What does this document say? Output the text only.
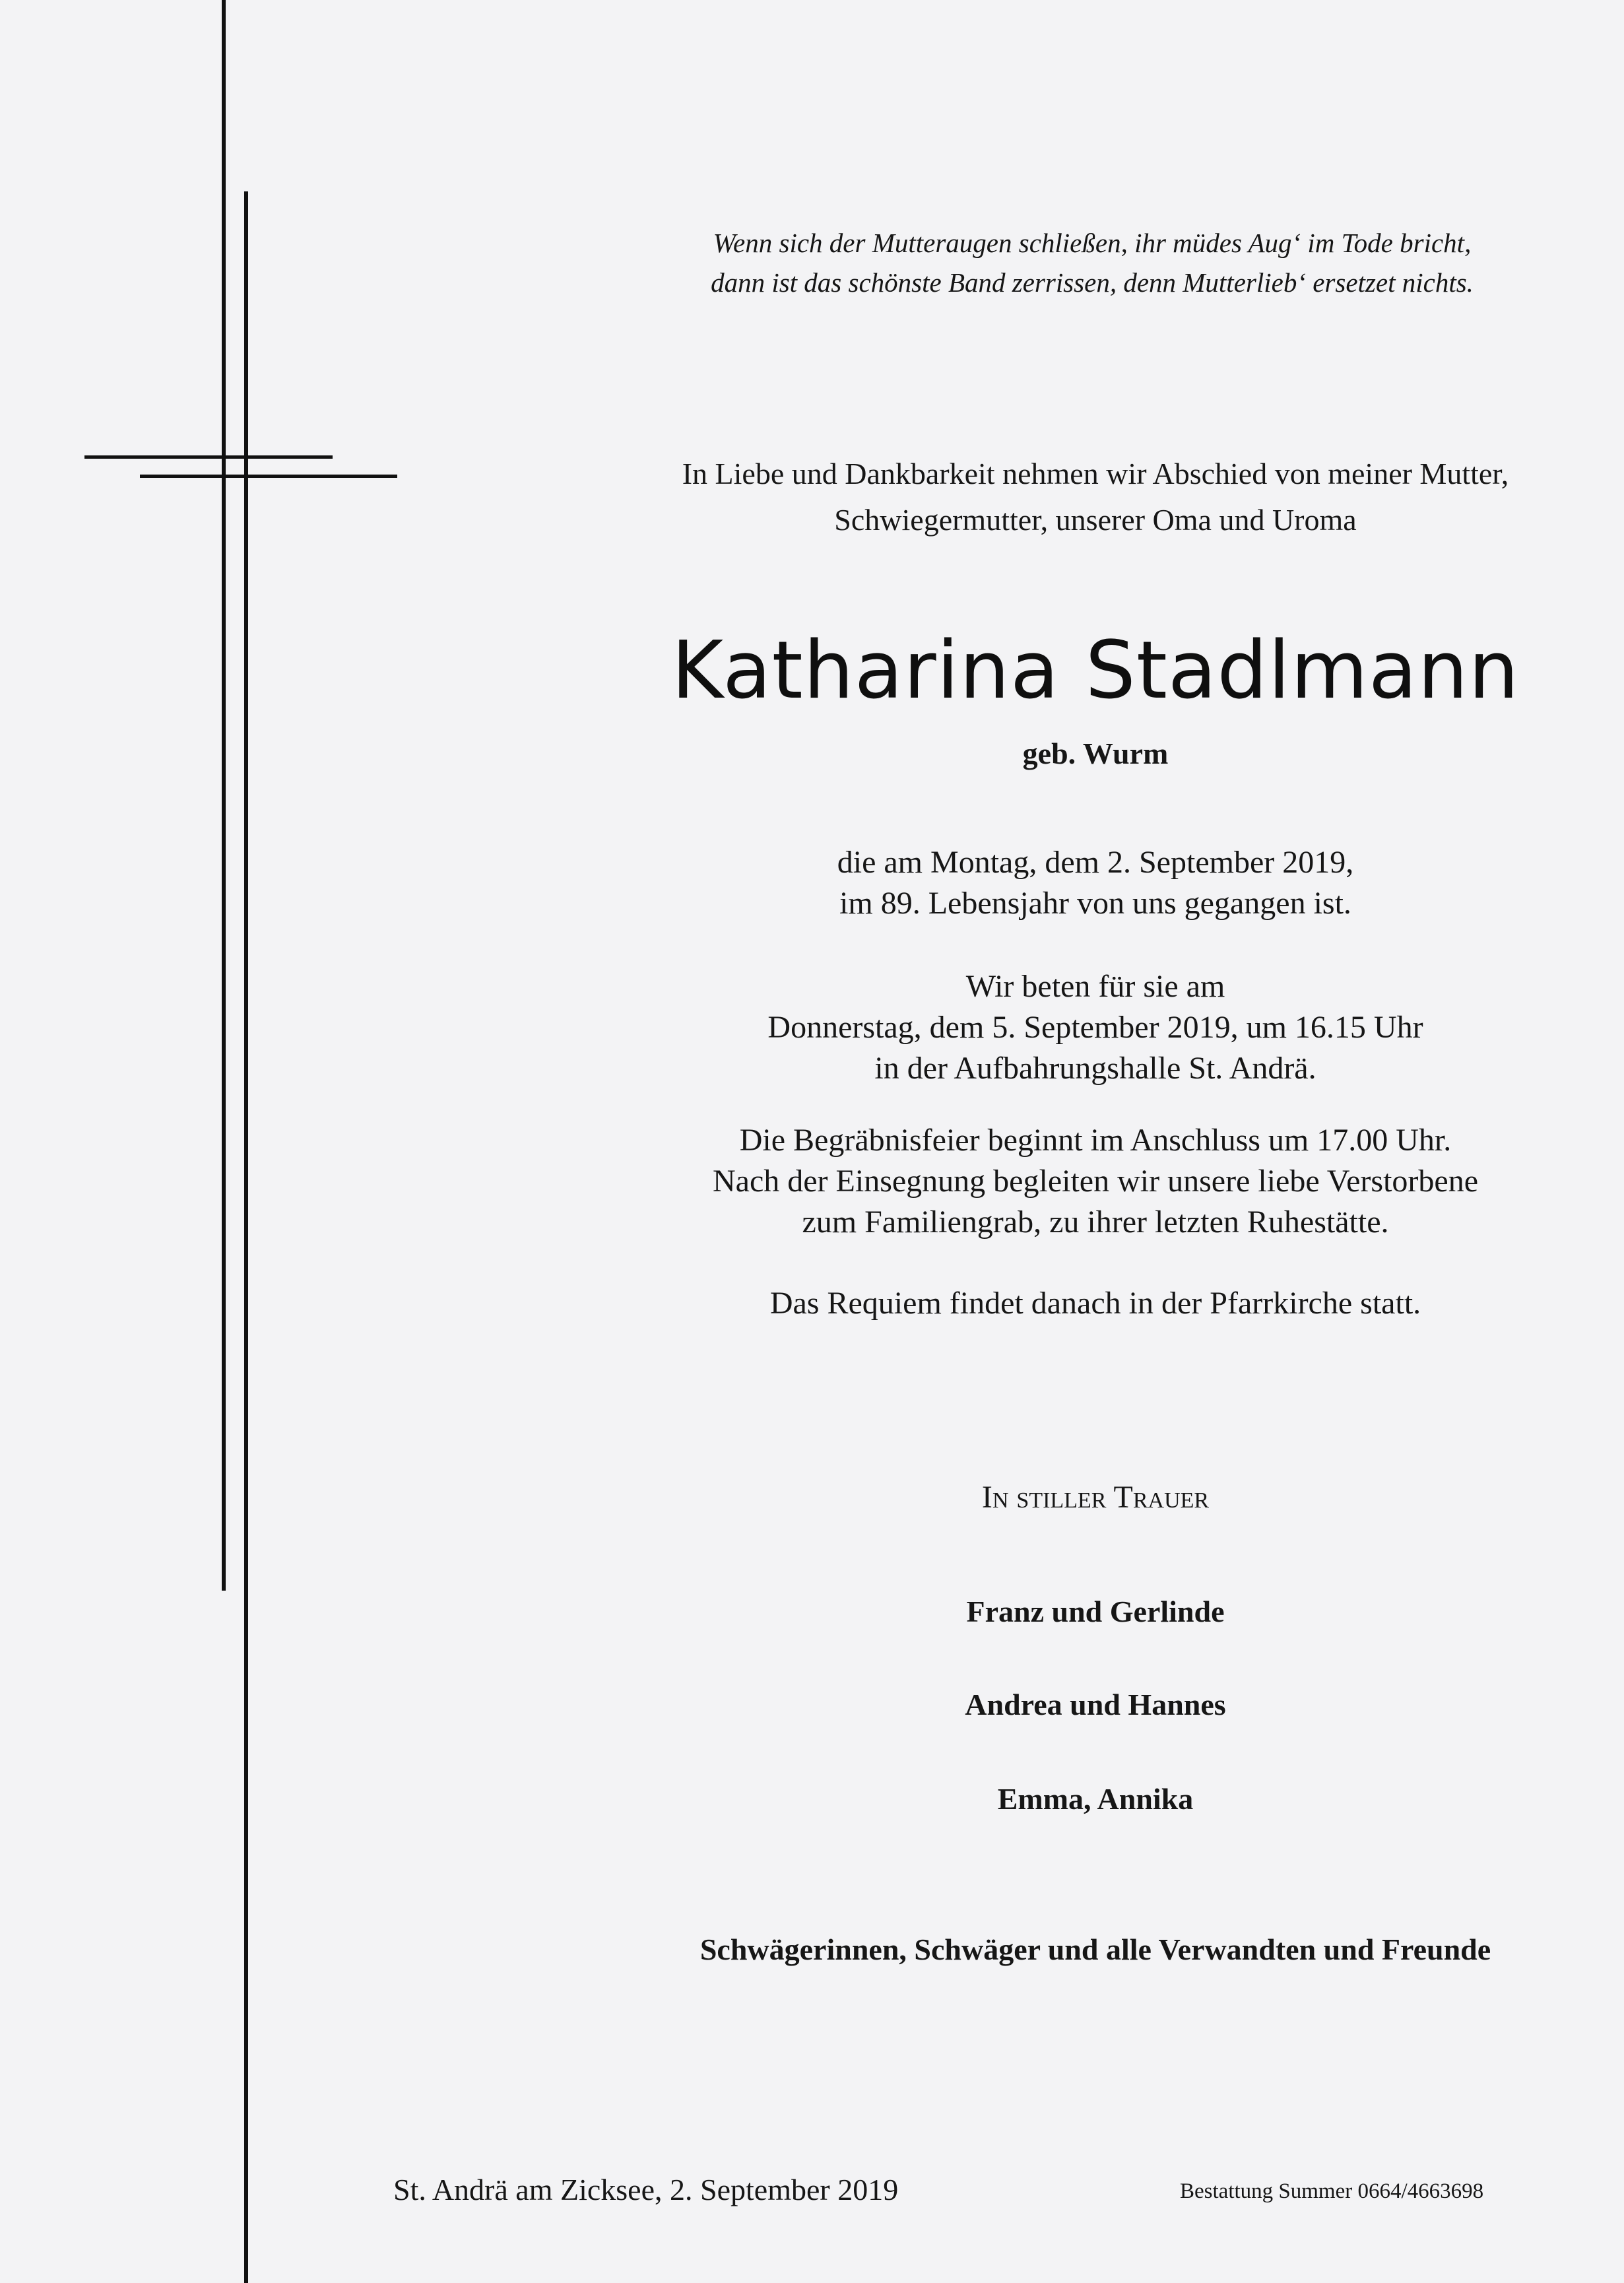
Wenn sich der Mutteraugen schließen, ihr müdes Aug‘ im Tode bricht,
dann ist das schönste Band zerrissen, denn Mutterlieb‘ ersetzet nichts.
In Liebe und Dankbarkeit nehmen wir Abschied von meiner Mutter,
Schwiegermutter, unserer Oma und Uroma
Katharina Stadlmann
geb. Wurm
die am Montag, dem 2. September 2019,
im 89. Lebensjahr von uns gegangen ist.
Wir beten für sie am
Donnerstag, dem 5. September 2019, um 16.15 Uhr
in der Aufbahrungshalle St. Andrä.
Die Begräbnisfeier beginnt im Anschluss um 17.00 Uhr.
Nach der Einsegnung begleiten wir unsere liebe Verstorbene
zum Familiengrab, zu ihrer letzten Ruhestätte.
Das Requiem findet danach in der Pfarrkirche statt.
In stiller Trauer
Franz und Gerlinde
Andrea und Hannes
Emma, Annika
Schwägerinnen, Schwäger und alle Verwandten und Freunde
St. Andrä am Zicksee, 2. September 2019	Bestattung Summer 0664/4663698
